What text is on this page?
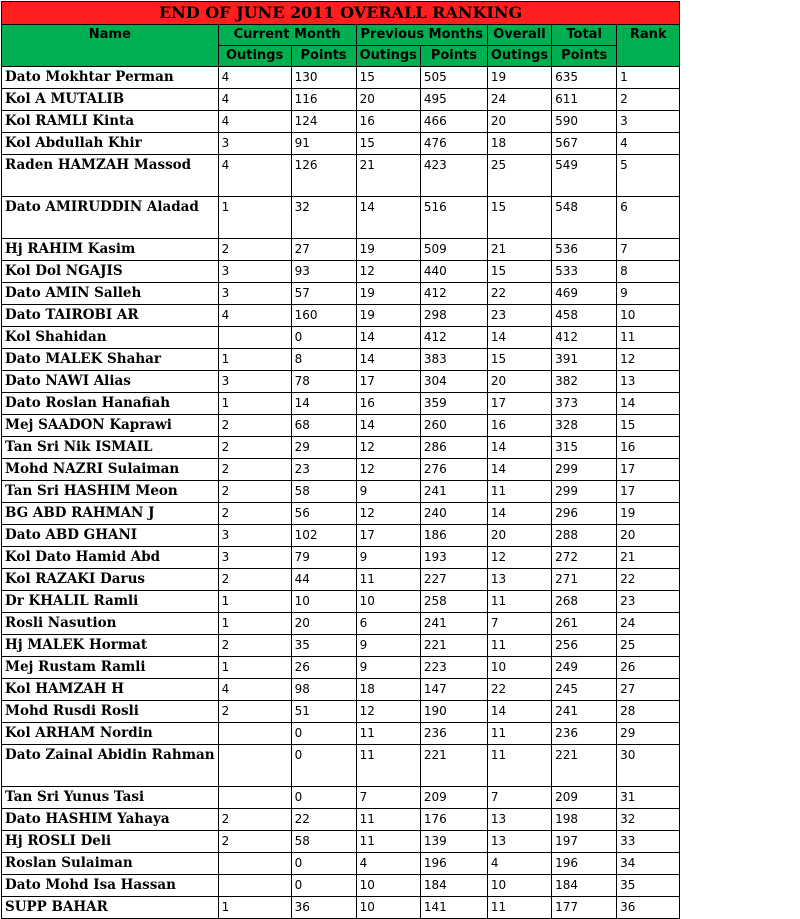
END OF JUNE 2011 OVERALL RANKING							
Name	Current Month		Previous Months		Overall	Total	Rank
	Outings	Points	Outings	Points	Outings	Points	
Dato Mokhtar Perman	4	130	15	505	19	635	1
Kol A MUTALIB	4	116	20	495	24	611	2
Kol RAMLI Kinta	4	124	16	466	20	590	3
Kol Abdullah Khir	3	91	15	476	18	567	4
Raden HAMZAH Massod	4	126	21	423	25	549	5
Dato AMIRUDDIN Aladad	1	32	14	516	15	548	6
Hj RAHIM Kasim	2	27	19	509	21	536	7
Kol Dol NGAJIS	3	93	12	440	15	533	8
Dato AMIN Salleh	3	57	19	412	22	469	9
Dato TAIROBI AR	4	160	19	298	23	458	10
Kol Shahidan		0	14	412	14	412	11
Dato MALEK Shahar	1	8	14	383	15	391	12
Dato NAWI Alias	3	78	17	304	20	382	13
Dato Roslan Hanafiah	1	14	16	359	17	373	14
Mej SAADON Kaprawi	2	68	14	260	16	328	15
Tan Sri Nik ISMAIL	2	29	12	286	14	315	16
Mohd NAZRI Sulaiman	2	23	12	276	14	299	17
Tan Sri HASHIM Meon	2	58	9	241	11	299	17
BG ABD RAHMAN J	2	56	12	240	14	296	19
Dato ABD GHANI	3	102	17	186	20	288	20
Kol Dato Hamid Abd	3	79	9	193	12	272	21
Kol RAZAKI Darus	2	44	11	227	13	271	22
Dr KHALIL Ramli	1	10	10	258	11	268	23
Rosli Nasution	1	20	6	241	7	261	24
Hj MALEK Hormat	2	35	9	221	11	256	25
Mej Rustam Ramli	1	26	9	223	10	249	26
Kol HAMZAH H	4	98	18	147	22	245	27
Mohd Rusdi Rosli	2	51	12	190	14	241	28
Kol ARHAM Nordin		0	11	236	11	236	29
Dato Zainal Abidin Rahman		0	11	221	11	221	30
Tan Sri Yunus Tasi		0	7	209	7	209	31
Dato HASHIM Yahaya	2	22	11	176	13	198	32
Hj ROSLI Deli	2	58	11	139	13	197	33
Roslan Sulaiman		0	4	196	4	196	34
Dato Mohd Isa Hassan		0	10	184	10	184	35
SUPP BAHAR	1	36	10	141	11	177	36
